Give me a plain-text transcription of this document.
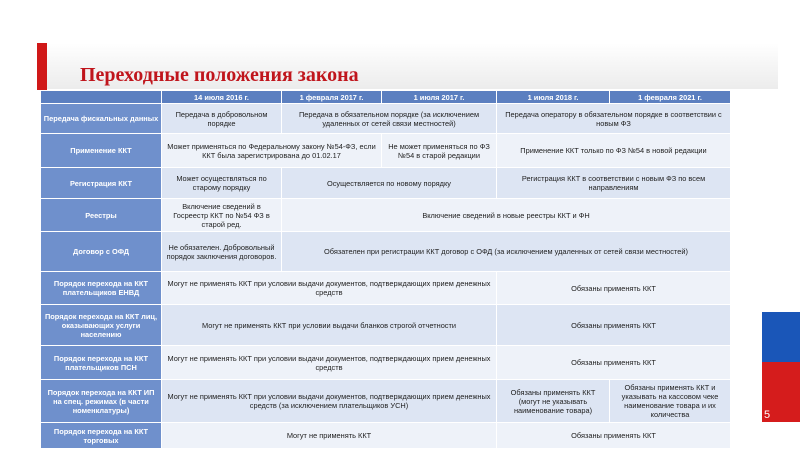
5
Переходные положения закона
	14 июля 2016 г.	1 февраля 2017 г.	1 июля 2017 г.	1 июля 2018 г.	1 февраля 2021 г.
Передача фискальных данных	Передача в добровольном порядке	Передача в обязательном порядке (за исключением удаленных от сетей связи местностей)		Передача оператору в обязательном порядке в соответствии с новым ФЗ	
Применение ККТ	Может применяться по Федеральному закону №54-ФЗ, если ККТ была зарегистрирована до 01.02.17		Не может применяться по ФЗ №54 в старой редакции	Применение ККТ только по ФЗ №54 в новой редакции	
Регистрация ККТ	Может осуществляться по старому порядку	Осуществляется по новому порядку		Регистрация ККТ в соответствии с новым ФЗ по всем направлениям	
Реестры	Включение сведений в Госреестр ККТ по №54 ФЗ в старой ред.	Включение сведений в новые реестры ККТ и ФН			
Договор с ОФД	Не обязателен. Добровольный порядок заключения договоров.	Обязателен при регистрации ККТ договор с ОФД (за исключением удаленных от сетей связи местностей)			
Порядок перехода на ККТ плательщиков ЕНВД	Могут не применять ККТ при условии выдачи документов, подтверждающих прием денежных средств			Обязаны применять ККТ	
Порядок перехода на ККТ лиц, оказывающих услуги населению	Могут не применять ККТ при условии выдачи бланков строгой отчетности			Обязаны применять ККТ	
Порядок перехода на ККТ плательщиков ПСН	Могут не применять ККТ при условии выдачи документов, подтверждающих прием денежных средств			Обязаны применять ККТ	
Порядок перехода на ККТ ИП на спец. режимах (в части номенклатуры)	Могут не применять ККТ при условии выдачи документов, подтверждающих прием денежных средств (за исключением плательщиков УСН)			Обязаны применять ККТ (могут не указывать наименование товара)	Обязаны применять ККТ и указывать на кассовом чеке наименование товара и их количества
Порядок перехода на ККТ торговых	Могут не применять ККТ			Обязаны применять ККТ	
